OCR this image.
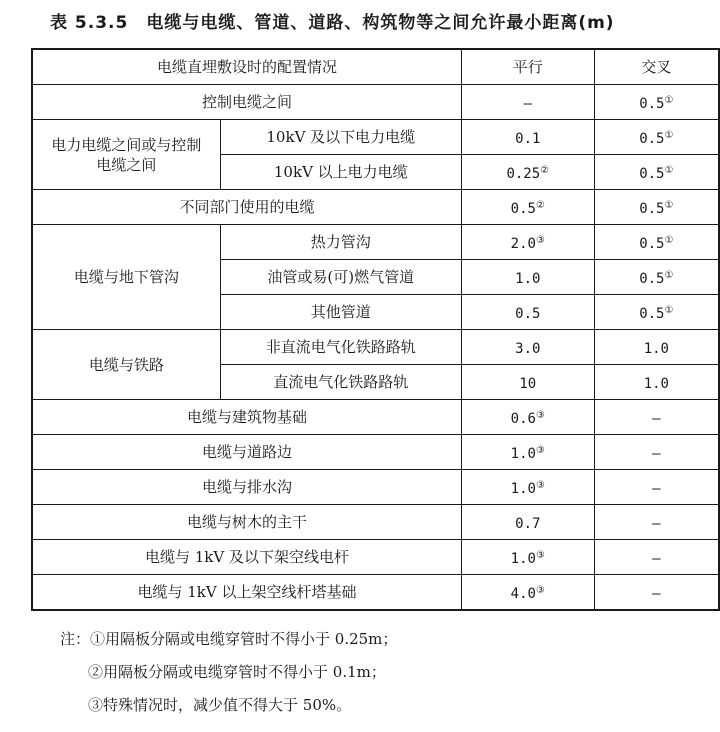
表 5.3.5　电缆与电缆、管道、道路、构筑物等之间允许最小距离(m)
电缆直埋敷设时的配置情况		平行	交叉
控制电缆之间		—	0.5①
电力电缆之间或与控制电缆之间	10kV 及以下电力电缆	0.1	0.5①
	10kV 以上电力电缆	0.25②	0.5①
不同部门使用的电缆		0.5②	0.5①
电缆与地下管沟	热力管沟	2.0③	0.5①
	油管或易(可)燃气管道	1.0	0.5①
	其他管道	0.5	0.5①
电缆与铁路	非直流电气化铁路路轨	3.0	1.0
	直流电气化铁路路轨	10	1.0
电缆与建筑物基础		0.6③	—
电缆与道路边		1.0③	—
电缆与排水沟		1.0③	—
电缆与树木的主干		0.7	—
电缆与 1kV 及以下架空线电杆		1.0③	—
电缆与 1kV 以上架空线杆塔基础		4.0③	—
注：①用隔板分隔或电缆穿管时不得小于 0.25m；
②用隔板分隔或电缆穿管时不得小于 0.1m；
③特殊情况时，减少值不得大于 50%。
